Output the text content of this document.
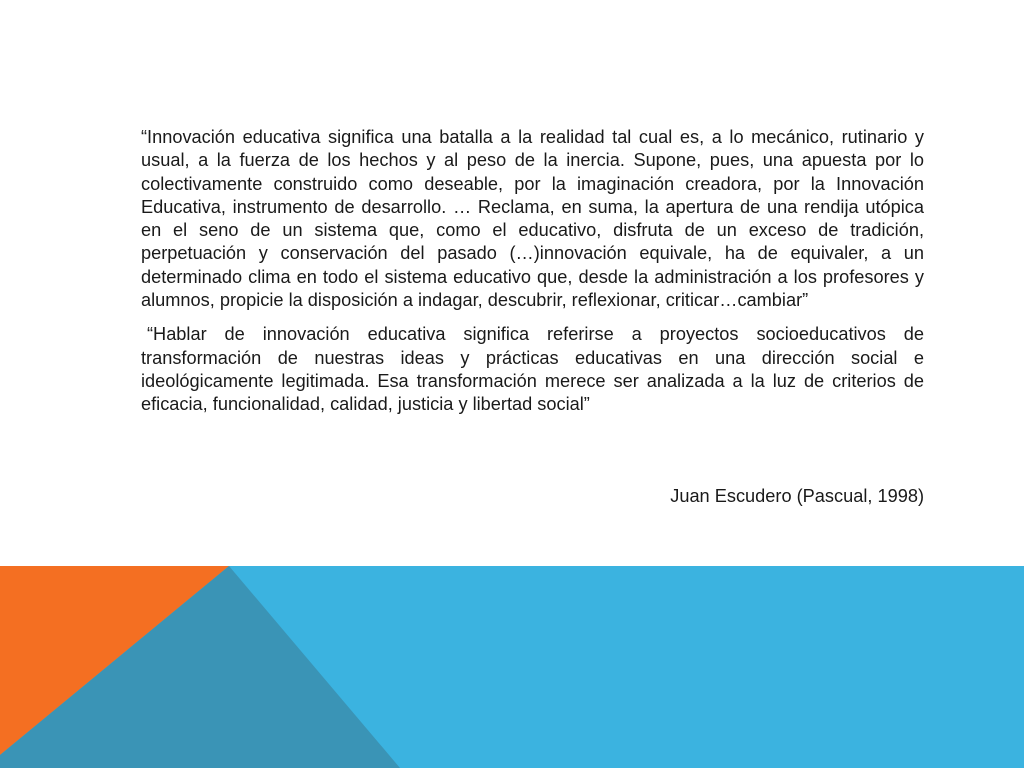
“Innovación educativa significa una batalla a la realidad tal cual es, a lo mecánico, rutinario y usual, a la fuerza de los hechos y al peso de la inercia. Supone, pues, una apuesta por lo colectivamente construido como deseable, por la imaginación creadora, por la Innovación Educativa, instrumento de desarrollo. … Reclama, en suma, la apertura de una rendija utópica en el seno de un sistema que, como el educativo, disfruta de un exceso de tradición, perpetuación y conservación del pasado (…)innovación equivale, ha de equivaler, a un determinado clima en todo el sistema educativo que, desde la administración a los profesores y alumnos, propicie la disposición a indagar, descubrir, reflexionar, criticar…cambiar”

“Hablar de innovación educativa significa referirse a proyectos socioeducativos de transformación de nuestras ideas y prácticas educativas en una dirección social e ideológicamente legitimada. Esa transformación merece ser analizada a la luz de criterios de eficacia, funcionalidad, calidad, justicia y libertad social”

Juan Escudero (Pascual, 1998)
